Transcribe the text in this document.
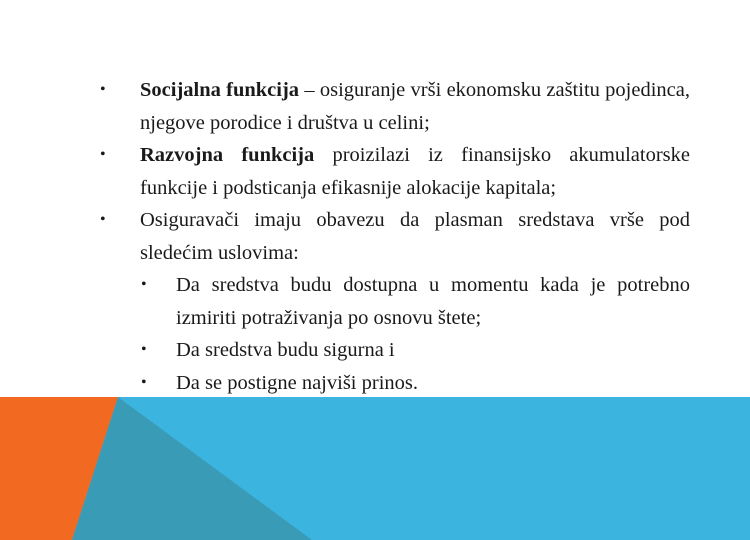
•	Socijalna funkcija – osiguranje vrši ekonomsku zaštitu pojedinca, njegove porodice i društva u celini;
•	Razvojna funkcija proizilazi iz finansijsko akumulatorske funkcije i podsticanja efikasnije alokacije kapitala;
•	Osiguravači imaju obavezu da plasman sredstava vrše pod sledećim uslovima:
•	Da sredstva budu dostupna u momentu kada je potrebno izmiriti potraživanja po osnovu štete;
•	Da sredstva budu sigurna i
•	Da se postigne najviši prinos.
